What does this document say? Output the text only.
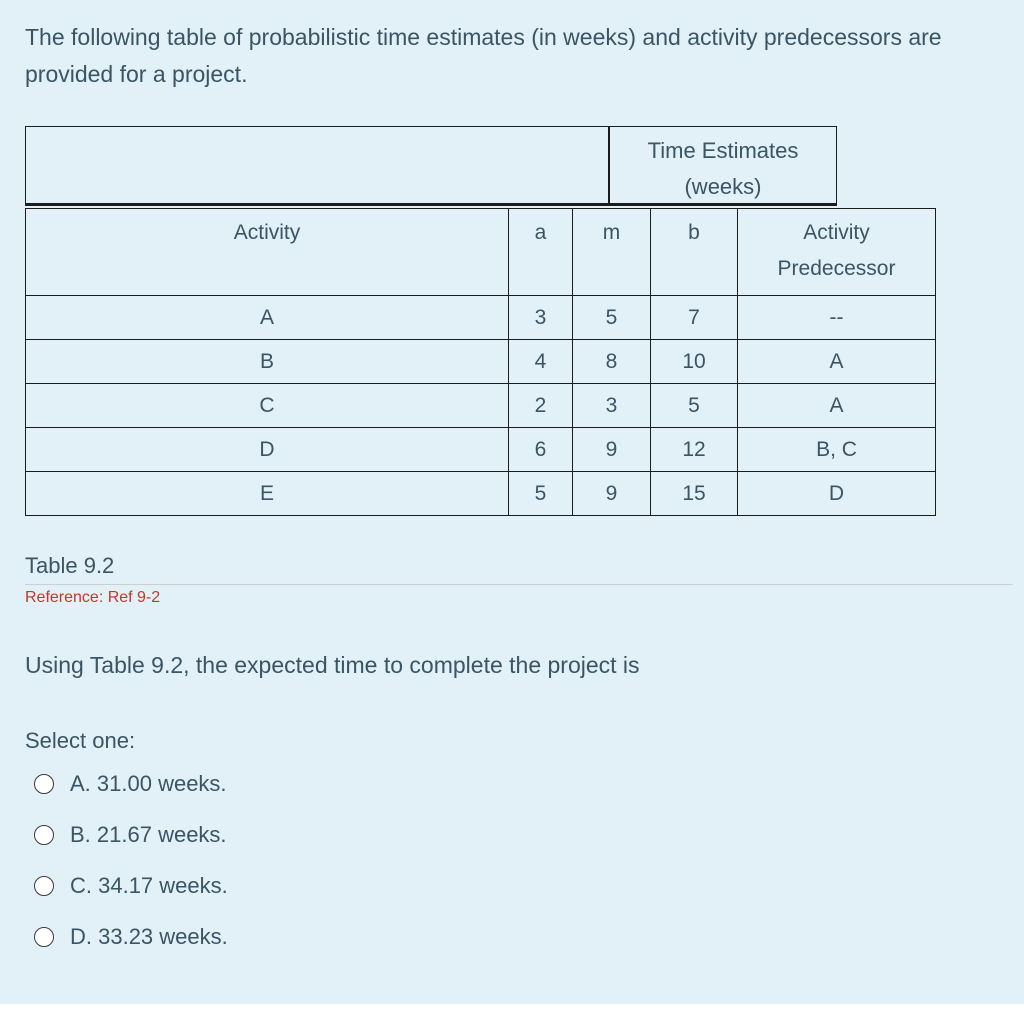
The following table of probabilistic time estimates (in weeks) and activity predecessors are provided for a project.
Time Estimates
(weeks)
Activity	a	m	b	Activity
Predecessor

A	3	5	7	--
B	4	8	10	A
C	2	3	5	A
D	6	9	12	B, C
E	5	9	15	D
Table 9.2
Reference: Ref 9-2
Using Table 9.2, the expected time to complete the project is
Select one:
A. 31.00 weeks.
B. 21.67 weeks.
C. 34.17 weeks.
D. 33.23 weeks.
